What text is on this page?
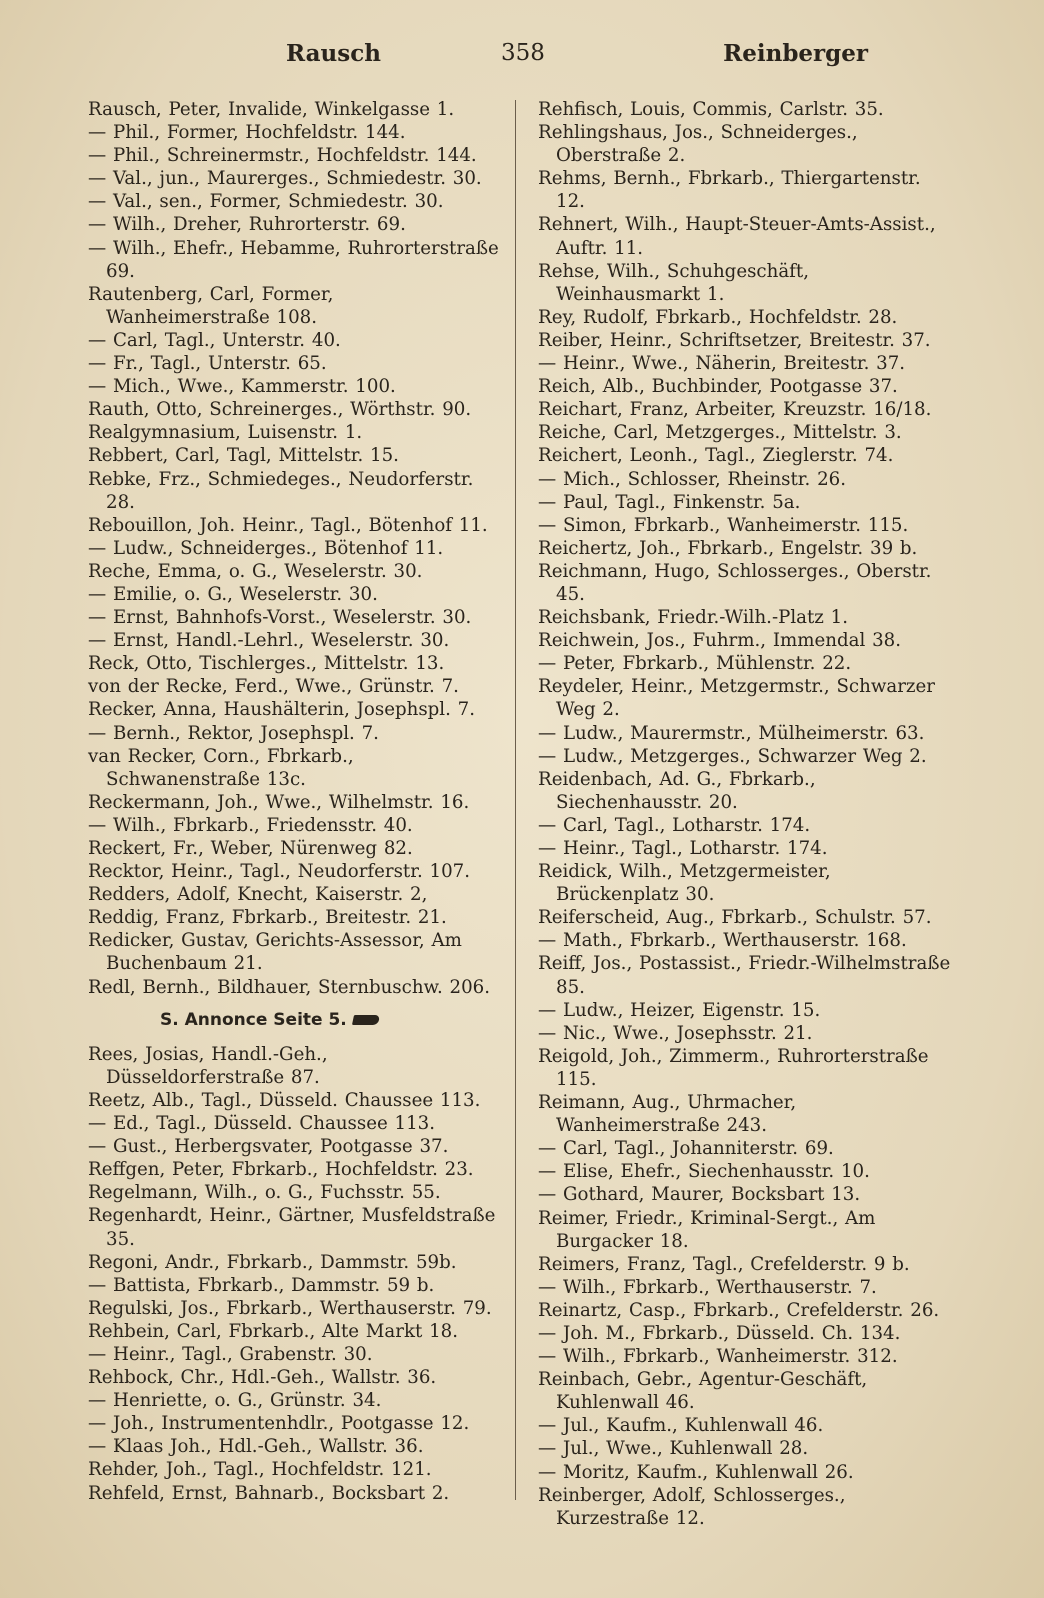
Rausch	358	Reinberger
Rausch, Peter, Invalide, Winkelgasse 1.
— Phil., Former, Hochfeldstr. 144.
— Phil., Schreinermstr., Hochfeldstr. 144.
— Val., jun., Maurerges., Schmiedestr. 30.
— Val., sen., Former, Schmiedestr. 30.
— Wilh., Dreher, Ruhrorterstr. 69.
— Wilh., Ehefr., Hebamme, Ruhrorterstraße 69.
Rautenberg, Carl, Former, Wanheimerstraße 108.
— Carl, Tagl., Unterstr. 40.
— Fr., Tagl., Unterstr. 65.
— Mich., Wwe., Kammerstr. 100.
Rauth, Otto, Schreinerges., Wörthstr. 90.
Realgymnasium, Luisenstr. 1.
Rebbert, Carl, Tagl, Mittelstr. 15.
Rebke, Frz., Schmiedeges., Neudorferstr. 28.
Rebouillon, Joh. Heinr., Tagl., Bötenhof 11.
— Ludw., Schneiderges., Bötenhof 11.
Reche, Emma, o. G., Weselerstr. 30.
— Emilie, o. G., Weselerstr. 30.
— Ernst, Bahnhofs-Vorst., Weselerstr. 30.
— Ernst, Handl.-Lehrl., Weselerstr. 30.
Reck, Otto, Tischlerges., Mittelstr. 13.
von der Recke, Ferd., Wwe., Grünstr. 7.
Recker, Anna, Haushälterin, Josephspl. 7.
— Bernh., Rektor, Josephspl. 7.
van Recker, Corn., Fbrkarb., Schwanenstraße 13c.
Reckermann, Joh., Wwe., Wilhelmstr. 16.
— Wilh., Fbrkarb., Friedensstr. 40.
Reckert, Fr., Weber, Nürenweg 82.
Recktor, Heinr., Tagl., Neudorferstr. 107.
Redders, Adolf, Knecht, Kaiserstr. 2,
Reddig, Franz, Fbrkarb., Breitestr. 21.
Redicker, Gustav, Gerichts-Assessor, Am Buchenbaum 21.
Redl, Bernh., Bildhauer, Sternbuschw. 206.
S. Annonce Seite 5.
Rees, Josias, Handl.-Geh., Düsseldorferstraße 87.
Reetz, Alb., Tagl., Düsseld. Chaussee 113.
— Ed., Tagl., Düsseld. Chaussee 113.
— Gust., Herbergsvater, Pootgasse 37.
Reffgen, Peter, Fbrkarb., Hochfeldstr. 23.
Regelmann, Wilh., o. G., Fuchsstr. 55.
Regenhardt, Heinr., Gärtner, Musfeldstraße 35.
Regoni, Andr., Fbrkarb., Dammstr. 59b.
— Battista, Fbrkarb., Dammstr. 59 b.
Regulski, Jos., Fbrkarb., Werthauserstr. 79.
Rehbein, Carl, Fbrkarb., Alte Markt 18.
— Heinr., Tagl., Grabenstr. 30.
Rehbock, Chr., Hdl.-Geh., Wallstr. 36.
— Henriette, o. G., Grünstr. 34.
— Joh., Instrumentenhdlr., Pootgasse 12.
— Klaas Joh., Hdl.-Geh., Wallstr. 36.
Rehder, Joh., Tagl., Hochfeldstr. 121.
Rehfeld, Ernst, Bahnarb., Bocksbart 2.
Rehfisch, Louis, Commis, Carlstr. 35.
Rehlingshaus, Jos., Schneiderges., Oberstraße 2.
Rehms, Bernh., Fbrkarb., Thiergartenstr. 12.
Rehnert, Wilh., Haupt-Steuer-Amts-Assist., Auftr. 11.
Rehse, Wilh., Schuhgeschäft, Weinhausmarkt 1.
Rey, Rudolf, Fbrkarb., Hochfeldstr. 28.
Reiber, Heinr., Schriftsetzer, Breitestr. 37.
— Heinr., Wwe., Näherin, Breitestr. 37.
Reich, Alb., Buchbinder, Pootgasse 37.
Reichart, Franz, Arbeiter, Kreuzstr. 16/18.
Reiche, Carl, Metzgerges., Mittelstr. 3.
Reichert, Leonh., Tagl., Zieglerstr. 74.
— Mich., Schlosser, Rheinstr. 26.
— Paul, Tagl., Finkenstr. 5a.
— Simon, Fbrkarb., Wanheimerstr. 115.
Reichertz, Joh., Fbrkarb., Engelstr. 39 b.
Reichmann, Hugo, Schlosserges., Oberstr. 45.
Reichsbank, Friedr.-Wilh.-Platz 1.
Reichwein, Jos., Fuhrm., Immendal 38.
— Peter, Fbrkarb., Mühlenstr. 22.
Reydeler, Heinr., Metzgermstr., Schwarzer Weg 2.
— Ludw., Maurermstr., Mülheimerstr. 63.
— Ludw., Metzgerges., Schwarzer Weg 2.
Reidenbach, Ad. G., Fbrkarb., Siechenhausstr. 20.
— Carl, Tagl., Lotharstr. 174.
— Heinr., Tagl., Lotharstr. 174.
Reidick, Wilh., Metzgermeister, Brückenplatz 30.
Reiferscheid, Aug., Fbrkarb., Schulstr. 57.
— Math., Fbrkarb., Werthauserstr. 168.
Reiff, Jos., Postassist., Friedr.-Wilhelmstraße 85.
— Ludw., Heizer, Eigenstr. 15.
— Nic., Wwe., Josephsstr. 21.
Reigold, Joh., Zimmerm., Ruhrorterstraße 115.
Reimann, Aug., Uhrmacher, Wanheimerstraße 243.
— Carl, Tagl., Johanniterstr. 69.
— Elise, Ehefr., Siechenhausstr. 10.
— Gothard, Maurer, Bocksbart 13.
Reimer, Friedr., Kriminal-Sergt., Am Burgacker 18.
Reimers, Franz, Tagl., Crefelderstr. 9 b.
— Wilh., Fbrkarb., Werthauserstr. 7.
Reinartz, Casp., Fbrkarb., Crefelderstr. 26.
— Joh. M., Fbrkarb., Düsseld. Ch. 134.
— Wilh., Fbrkarb., Wanheimerstr. 312.
Reinbach, Gebr., Agentur-Geschäft, Kuhlenwall 46.
— Jul., Kaufm., Kuhlenwall 46.
— Jul., Wwe., Kuhlenwall 28.
— Moritz, Kaufm., Kuhlenwall 26.
Reinberger, Adolf, Schlosserges., Kurzestraße 12.
